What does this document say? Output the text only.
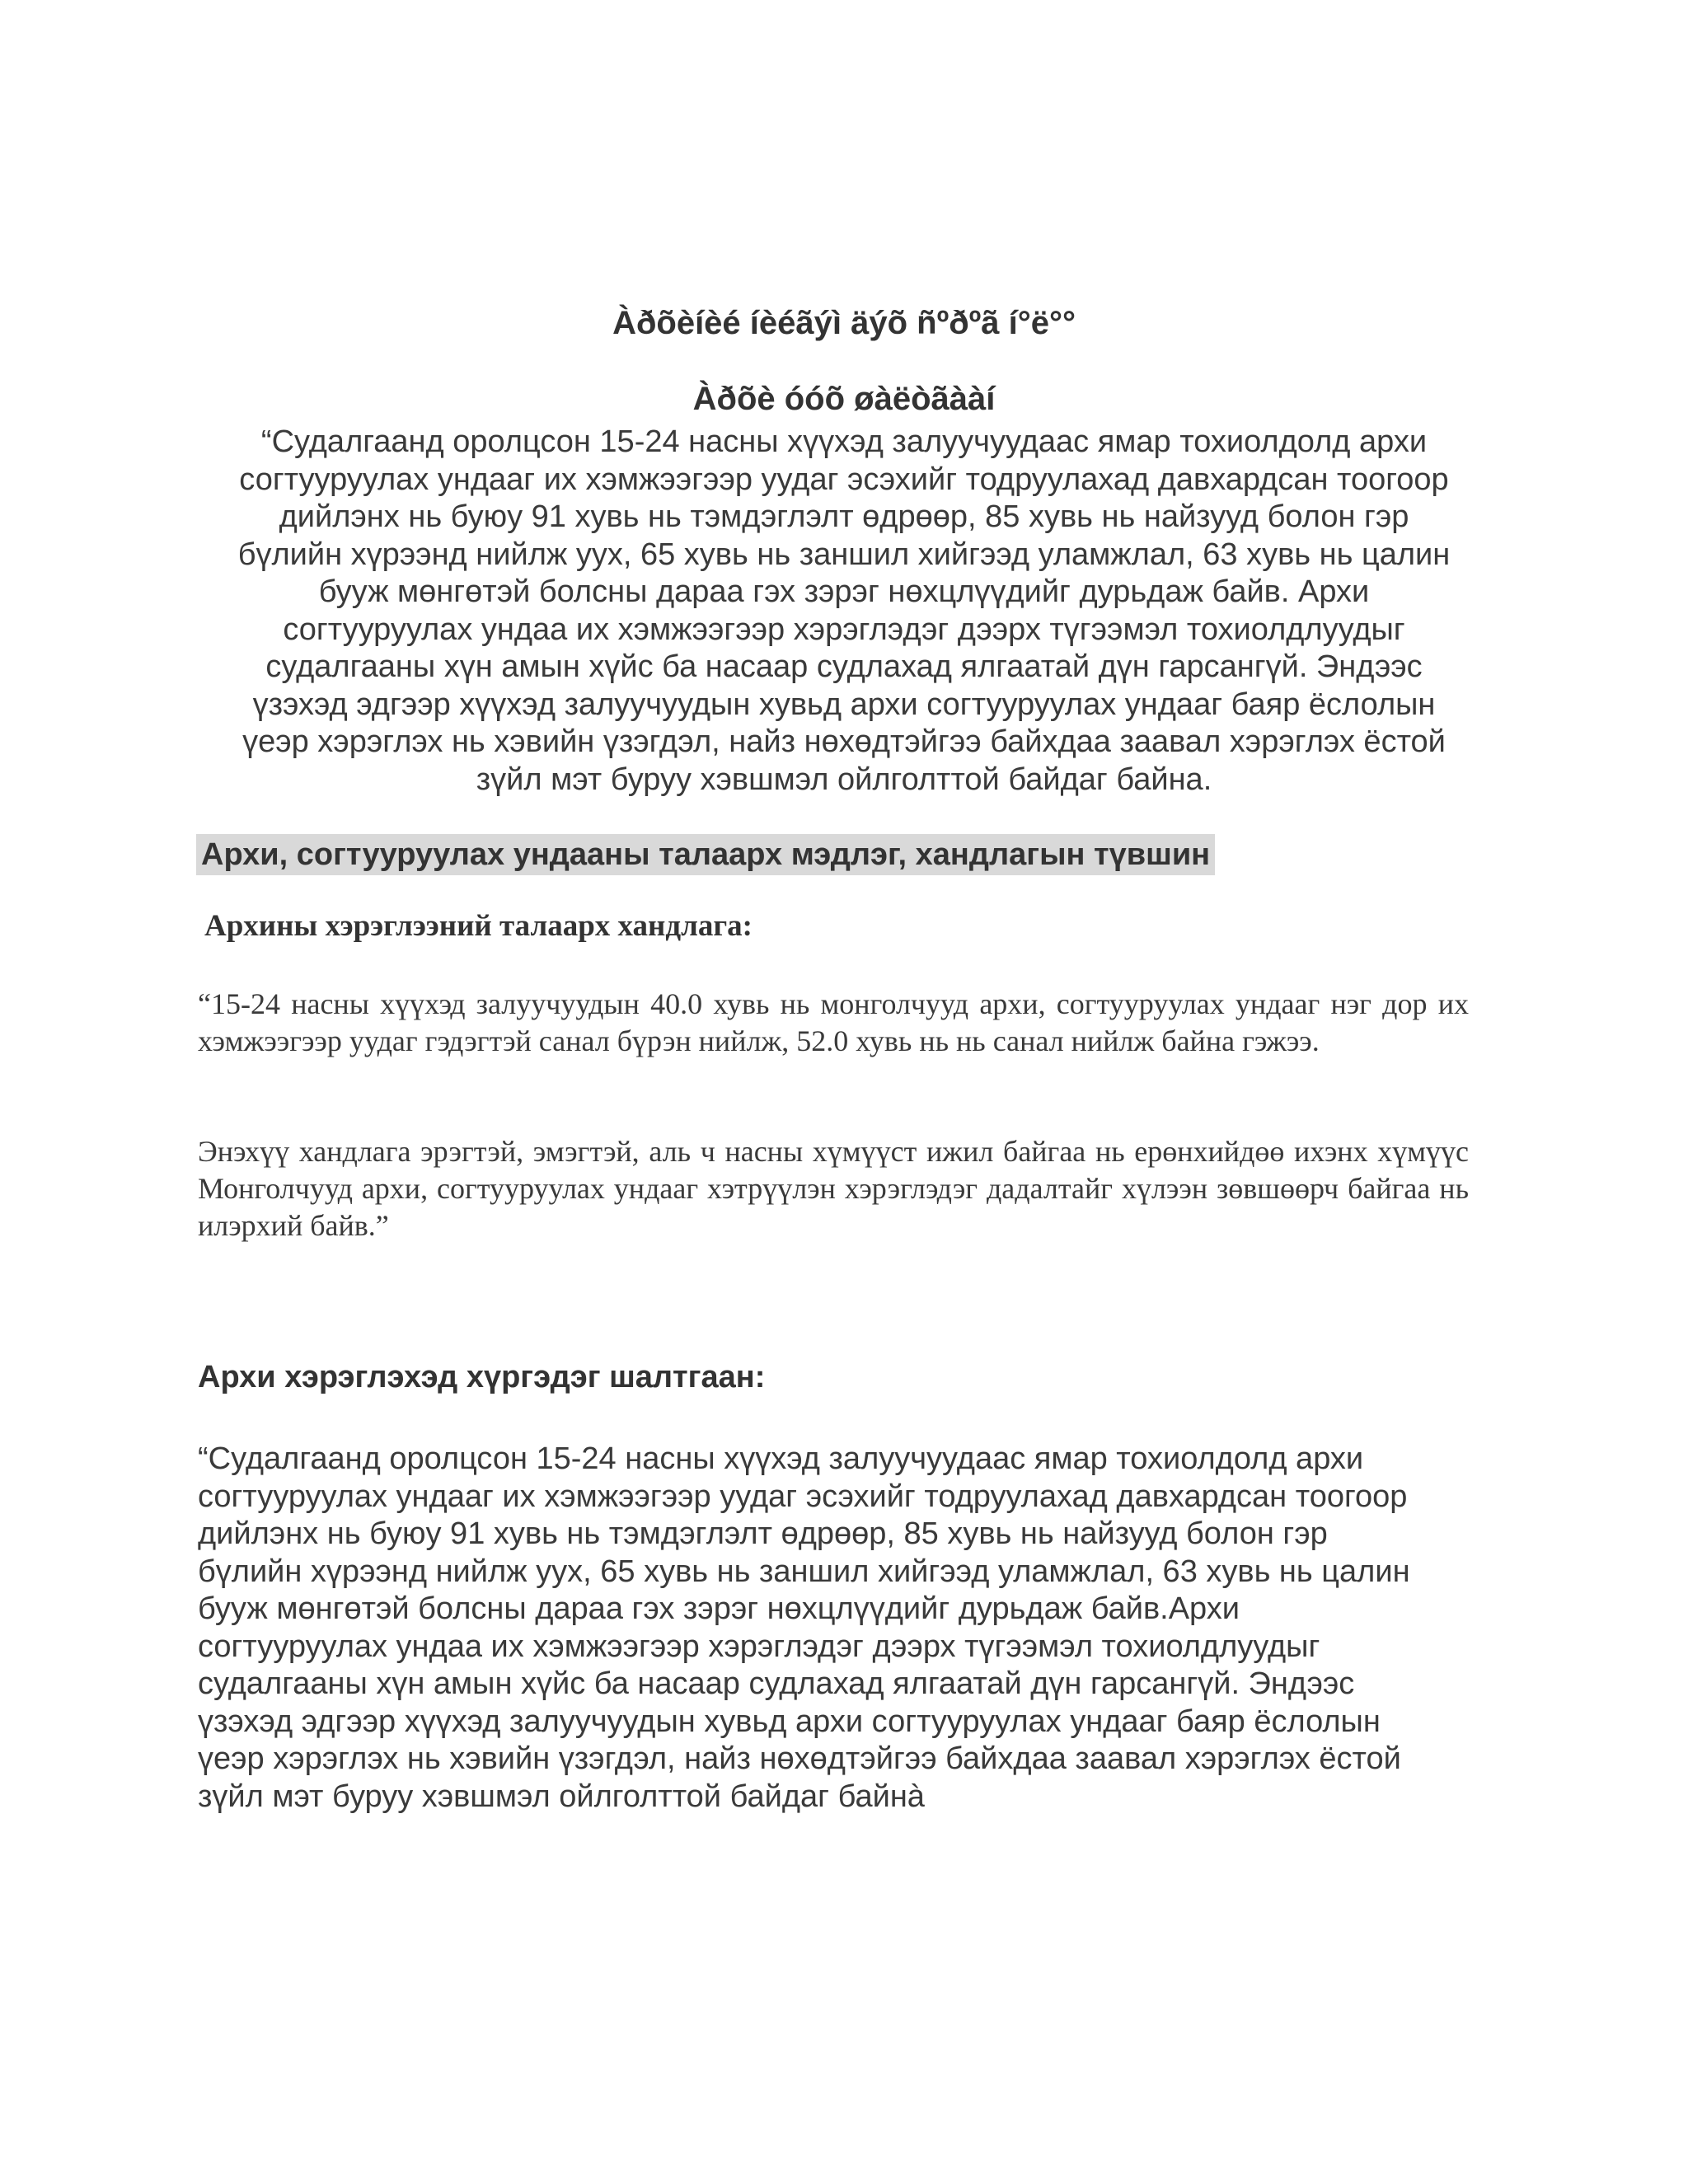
Àðõèíèé íèéãýì äýõ ñºðºã í°ë°°
Àðõè óóõ øàëòãààí
“Судалгаанд оролцсон 15-24 насны хүүхэд залуучуудаас ямар тохиолдолд архи
согтууруулах ундааг их хэмжээгээр уудаг эсэхийг тодруулахад давхардсан тоогоор
дийлэнх нь буюу 91 хувь нь тэмдэглэлт өдрөөр, 85 хувь нь найзууд болон гэр
бүлийн хүрээнд нийлж уух, 65 хувь нь заншил хийгээд уламжлал, 63 хувь нь цалин
бууж мөнгөтэй болсны дараа гэх зэрэг нөхцлүүдийг дурьдаж байв. Архи
согтууруулах ундаа их хэмжээгээр хэрэглэдэг дээрх түгээмэл тохиолдлуудыг
судалгааны хүн амын хүйс ба насаар судлахад ялгаатай дүн гарсангүй. Эндээс
үзэхэд эдгээр хүүхэд залуучуудын хувьд архи согтууруулах ундааг баяр ёслолын
үеэр хэрэглэх нь хэвийн үзэгдэл, найз нөхөдтэйгээ байхдаа заавал хэрэглэх ёстой
зүйл мэт буруу хэвшмэл ойлголттой байдаг байна.
Архи, согтууруулах ундааны талаарх мэдлэг, хандлагын түвшин
Архины хэрэглээний талаарх хандлага:
“15-24 насны хүүхэд залуучуудын 40.0 хувь нь монголчууд архи, согтууруулах ундааг нэг дор их хэмжээгээр уудаг гэдэгтэй санал бүрэн нийлж, 52.0 хувь нь нь санал нийлж байна гэжээ.
Энэхүү хандлага эрэгтэй, эмэгтэй, аль ч насны хүмүүст ижил байгаа нь ерөнхийдөө ихэнх хүмүүс Монголчууд архи, согтууруулах ундааг хэтрүүлэн хэрэглэдэг дадалтайг хүлээн зөвшөөрч байгаа нь илэрхий байв.”
Архи хэрэглэхэд хүргэдэг шалтгаан:
“Судалгаанд оролцсон 15-24 насны хүүхэд залуучуудаас ямар тохиолдолд архи
согтууруулах ундааг их хэмжээгээр уудаг эсэхийг тодруулахад давхардсан тоогоор
дийлэнх нь буюу 91 хувь нь тэмдэглэлт өдрөөр, 85 хувь нь найзууд болон гэр
бүлийн хүрээнд нийлж уух, 65 хувь нь заншил хийгээд уламжлал, 63 хувь нь цалин
бууж мөнгөтэй болсны дараа гэх зэрэг нөхцлүүдийг дурьдаж байв.Архи
согтууруулах ундаа их хэмжээгээр хэрэглэдэг дээрх түгээмэл тохиолдлуудыг
судалгааны хүн амын хүйс ба насаар судлахад ялгаатай дүн гарсангүй. Эндээс
үзэхэд эдгээр хүүхэд залуучуудын хувьд архи согтууруулах ундааг баяр ёслолын
үеэр хэрэглэх нь хэвийн үзэгдэл, найз нөхөдтэйгээ байхдаа заавал хэрэглэх ёстой
зүйл мэт буруу хэвшмэл ойлголттой байдаг байнà
